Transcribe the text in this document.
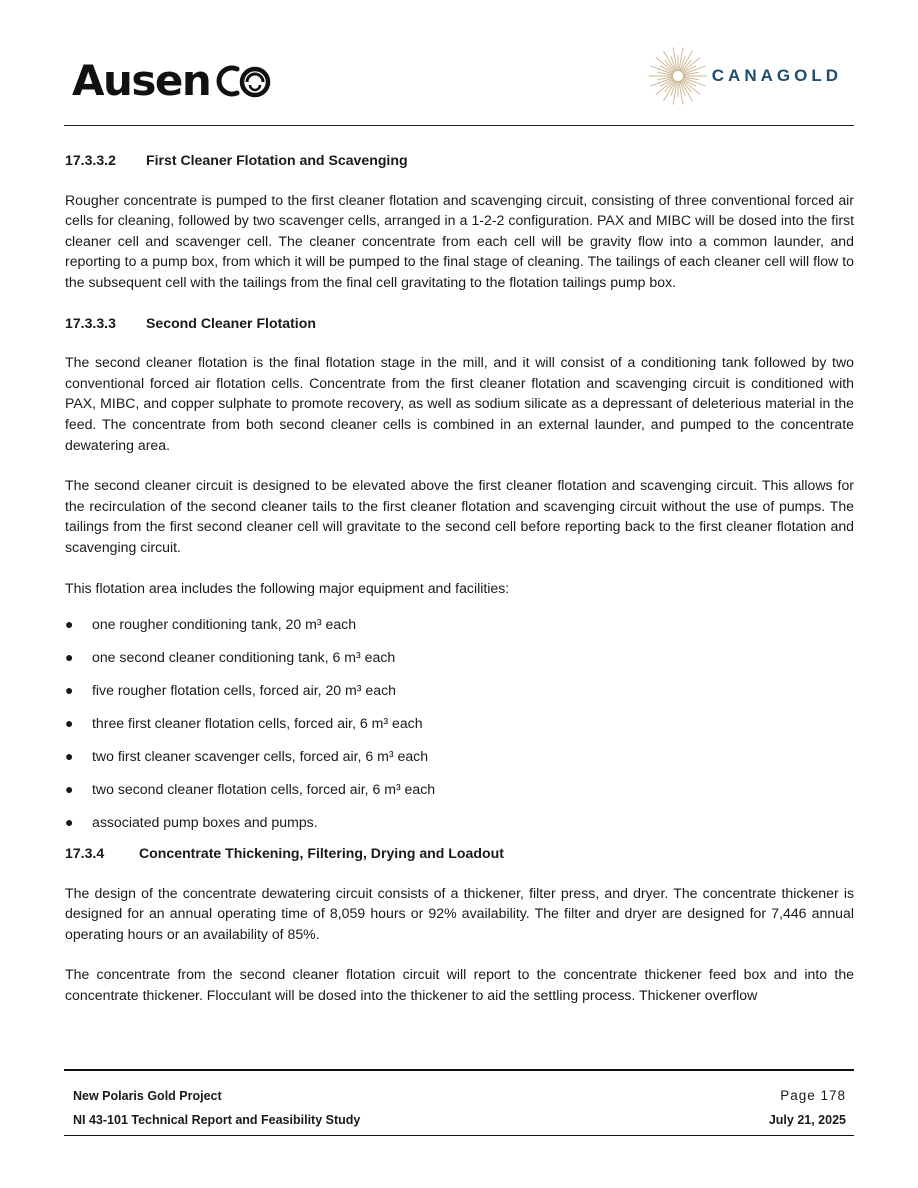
Ausen	CANAGOLD
17.3.3.2	First Cleaner Flotation and Scavenging

Rougher concentrate is pumped to the first cleaner flotation and scavenging circuit, consisting of three conventional forced air cells for cleaning, followed by two scavenger cells, arranged in a 1-2-2 configuration. PAX and MIBC will be dosed into the first cleaner cell and scavenger cell. The cleaner concentrate from each cell will be gravity flow into a common launder, and reporting to a pump box, from which it will be pumped to the final stage of cleaning. The tailings of each cleaner cell will flow to the subsequent cell with the tailings from the final cell gravitating to the flotation tailings pump box.

17.3.3.3	Second Cleaner Flotation

The second cleaner flotation is the final flotation stage in the mill, and it will consist of a conditioning tank followed by two conventional forced air flotation cells. Concentrate from the first cleaner flotation and scavenging circuit is conditioned with PAX, MIBC, and copper sulphate to promote recovery, as well as sodium silicate as a depressant of deleterious material in the feed. The concentrate from both second cleaner cells is combined in an external launder, and pumped to the concentrate dewatering area.

The second cleaner circuit is designed to be elevated above the first cleaner flotation and scavenging circuit. This allows for the recirculation of the second cleaner tails to the first cleaner flotation and scavenging circuit without the use of pumps. The tailings from the first second cleaner cell will gravitate to the second cell before reporting back to the first cleaner flotation and scavenging circuit.

This flotation area includes the following major equipment and facilities:

●	one rougher conditioning tank, 20 m³ each
●	one second cleaner conditioning tank, 6 m³ each
●	five rougher flotation cells, forced air, 20 m³ each
●	three first cleaner flotation cells, forced air, 6 m³ each
●	two first cleaner scavenger cells, forced air, 6 m³ each
●	two second cleaner flotation cells, forced air, 6 m³ each
●	associated pump boxes and pumps.
17.3.4	Concentrate Thickening, Filtering, Drying and Loadout

The design of the concentrate dewatering circuit consists of a thickener, filter press, and dryer. The concentrate thickener is designed for an annual operating time of 8,059 hours or 92% availability. The filter and dryer are designed for 7,446 annual operating hours or an availability of 85%.

The concentrate from the second cleaner flotation circuit will report to the concentrate thickener feed box and into the concentrate thickener. Flocculant will be dosed into the thickener to aid the settling process. Thickener overflow

New Polaris Gold Project
NI 43-101 Technical Report and Feasibility Study
Page 178
July 21, 2025
